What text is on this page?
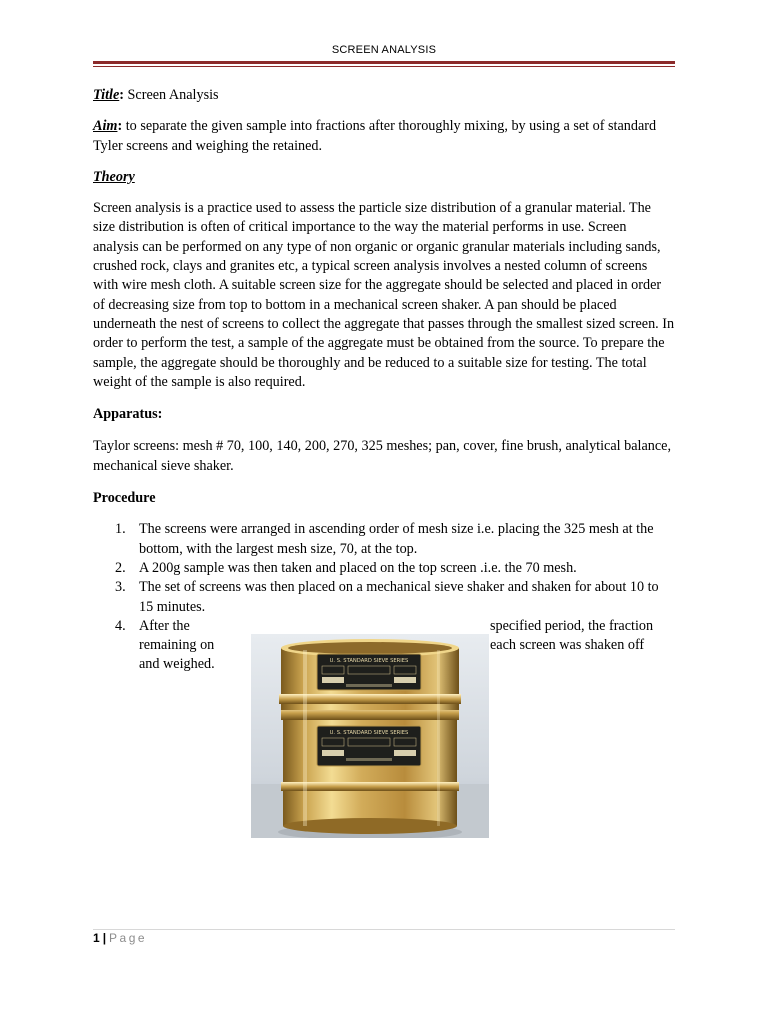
SCREEN ANALYSIS

Title: Screen Analysis

Aim: to separate the given sample into fractions after thoroughly mixing, by using a set of standard Tyler screens and weighing the retained.

Theory

Screen analysis is a practice used to assess the particle size distribution of a granular material. The size distribution is often of critical importance to the way the material performs in use. Screen analysis can be performed on any type of non organic or organic granular materials including sands, crushed rock, clays and granites etc, a typical screen analysis involves a nested column of screens with wire mesh cloth. A suitable screen size for the aggregate should be selected and placed in order of decreasing size from top to bottom in a mechanical screen shaker. A pan should be placed underneath the nest of screens to collect the aggregate that passes through the smallest sized screen. In order to perform the test, a sample of the aggregate must be obtained from the source. To prepare the sample, the aggregate should be thoroughly and be reduced to a suitable size for testing. The total weight of the sample is also required.

Apparatus:

Taylor screens: mesh # 70, 100, 140, 200, 270, 325 meshes; pan, cover, fine brush, analytical balance, mechanical sieve shaker.

Procedure

1. The screens were arranged in ascending order of mesh size i.e. placing the 325 mesh at the bottom, with the largest mesh size, 70, at the top.
2. A 200g sample was then taken and placed on the top screen .i.e. the 70 mesh.
3. The set of screens was then placed on a mechanical sieve shaker and shaken for about 10 to 15 minutes.
4. After the	specified period, the fraction
remaining on	each screen was shaken off
and weighed.	U. S. STANDARD SIEVE SERIES
U. S. STANDARD SIEVE SERIES
1 | Page
